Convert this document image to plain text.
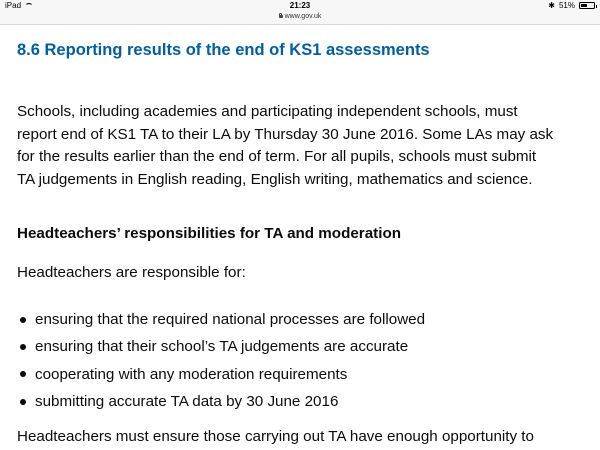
iPad	21:23	✱ 51%
www.gov.uk
8.6 Reporting results of the end of KS1 assessments

Schools, including academies and participating independent schools, must
report end of KS1 TA to their LA by Thursday 30 June 2016. Some LAs may ask
for the results earlier than the end of term. For all pupils, schools must submit
TA judgements in English reading, English writing, mathematics and science.

Headteachers’ responsibilities for TA and moderation

Headteachers are responsible for:

ensuring that the required national processes are followed
ensuring that their school’s TA judgements are accurate
cooperating with any moderation requirements
submitting accurate TA data by 30 June 2016

Headteachers must ensure those carrying out TA have enough opportunity to
